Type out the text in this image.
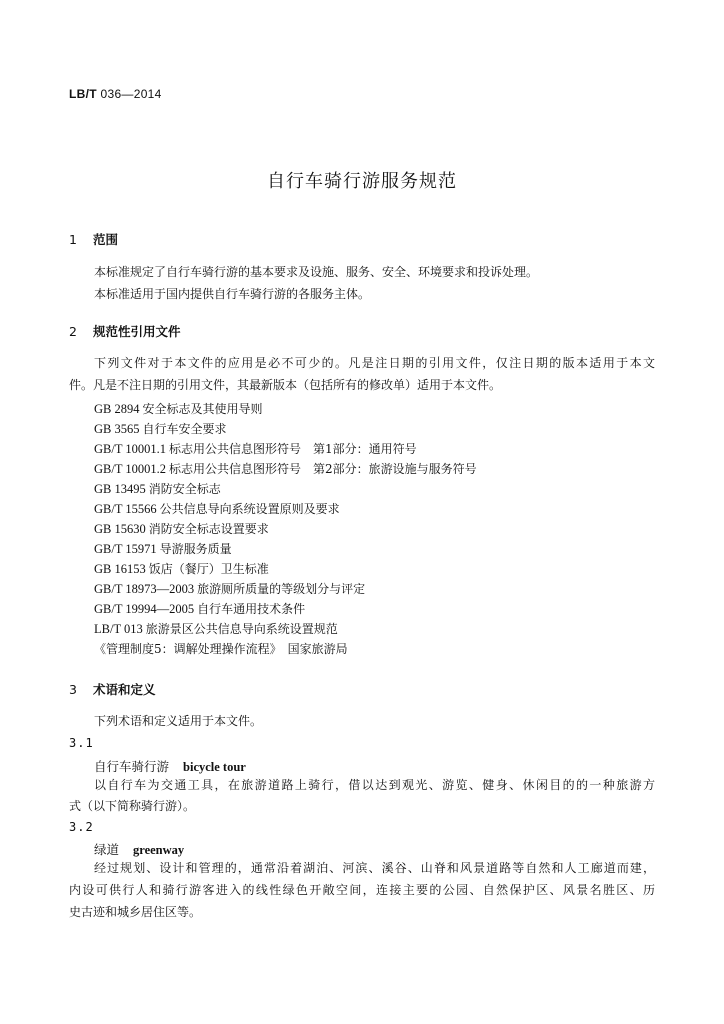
LB/T 036—2014
自行车骑行游服务规范
1 范围
本标准规定了自行车骑行游的基本要求及设施、服务、安全、环境要求和投诉处理。
本标准适用于国内提供自行车骑行游的各服务主体。
2 规范性引用文件
下列文件对于本文件的应用是必不可少的。凡是注日期的引用文件，仅注日期的版本适用于本文
件。凡是不注日期的引用文件，其最新版本（包括所有的修改单）适用于本文件。
GB 2894 安全标志及其使用导则
GB 3565 自行车安全要求
GB/T 10001.1 标志用公共信息图形符号　第1部分：通用符号
GB/T 10001.2 标志用公共信息图形符号　第2部分：旅游设施与服务符号
GB 13495 消防安全标志
GB/T 15566 公共信息导向系统设置原则及要求
GB 15630 消防安全标志设置要求
GB/T 15971 导游服务质量
GB 16153 饭店（餐厅）卫生标准
GB/T 18973—2003 旅游厕所质量的等级划分与评定
GB/T 19994—2005 自行车通用技术条件
LB/T 013 旅游景区公共信息导向系统设置规范
《管理制度5：调解处理操作流程》　国家旅游局
3 术语和定义
下列术语和定义适用于本文件。
3.1
自行车骑行游 bicycle tour
以自行车为交通工具，在旅游道路上骑行，借以达到观光、游览、健身、休闲目的的一种旅游方
式（以下简称骑行游）。
3.2
绿道 greenway
经过规划、设计和管理的，通常沿着湖泊、河滨、溪谷、山脊和风景道路等自然和人工廊道而建，
内设可供行人和骑行游客进入的线性绿色开敞空间，连接主要的公园、自然保护区、风景名胜区、历
史古迹和城乡居住区等。
